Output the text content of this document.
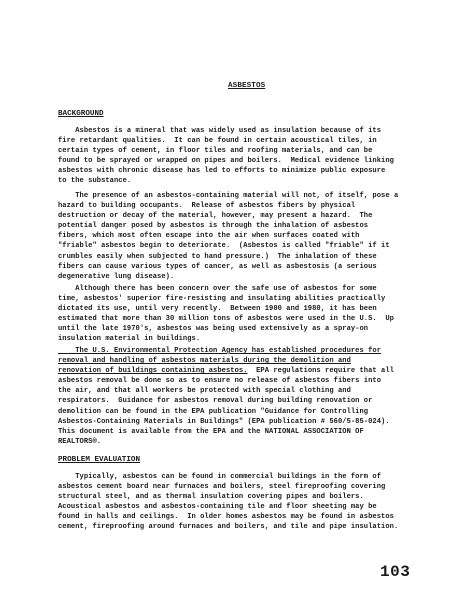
ASBESTOS
BACKGROUND
Asbestos is a mineral that was widely used as insulation because of its
fire retardant qualities.  It can be found in certain acoustical tiles, in
certain types of cement, in floor tiles and roofing materials, and can be
found to be sprayed or wrapped on pipes and boilers.  Medical evidence linking
asbestos with chronic disease has led to efforts to minimize public exposure
to the substance.
The presence of an asbestos-containing material will not, of itself, pose a
hazard to building occupants.  Release of asbestos fibers by physical
destruction or decay of the material, however, may present a hazard.  The
potential danger posed by asbestos is through the inhalation of asbestos
fibers, which most often escape into the air when surfaces coated with
"friable" asbestos begin to deteriorate.  (Asbestos is called "friable" if it
crumbles easily when subjected to hand pressure.)  The inhalation of these
fibers can cause various types of cancer, as well as asbestosis (a serious
degenerative lung disease).
Although there has been concern over the safe use of asbestos for some
time, asbestos' superior fire-resisting and insulating abilities practically
dictated its use, until very recently.  Between 1900 and 1980, it has been
estimated that more than 30 million tons of asbestos were used in the U.S.  Up
until the late 1970's, asbestos was being used extensively as a spray-on
insulation material in buildings.
The U.S. Environmental Protection Agency has established procedures for
removal and handling of asbestos materials during the demolition and
renovation of buildings containing asbestos.  EPA regulations require that all
asbestos removal be done so as to ensure no release of asbestos fibers into
the air, and that all workers be protected with special clothing and
respirators.  Guidance for asbestos removal during building renovation or
demolition can be found in the EPA publication "Guidance for Controlling
Asbestos-Containing Materials in Buildings" (EPA publication # 560/5-85-024).
This document is available from the EPA and the NATIONAL ASSOCIATION OF
REALTORS®.
PROBLEM EVALUATION
Typically, asbestos can be found in commercial buildings in the form of
asbestos cement board near furnaces and boilers, steel fireproofing covering
structural steel, and as thermal insulation covering pipes and boilers.
Acoustical asbestos and asbestos-containing tile and floor sheeting may be
found in halls and ceilings.  In older homes asbestos may be found in asbestos
cement, fireproofing around furnaces and boilers, and tile and pipe insulation.
103
